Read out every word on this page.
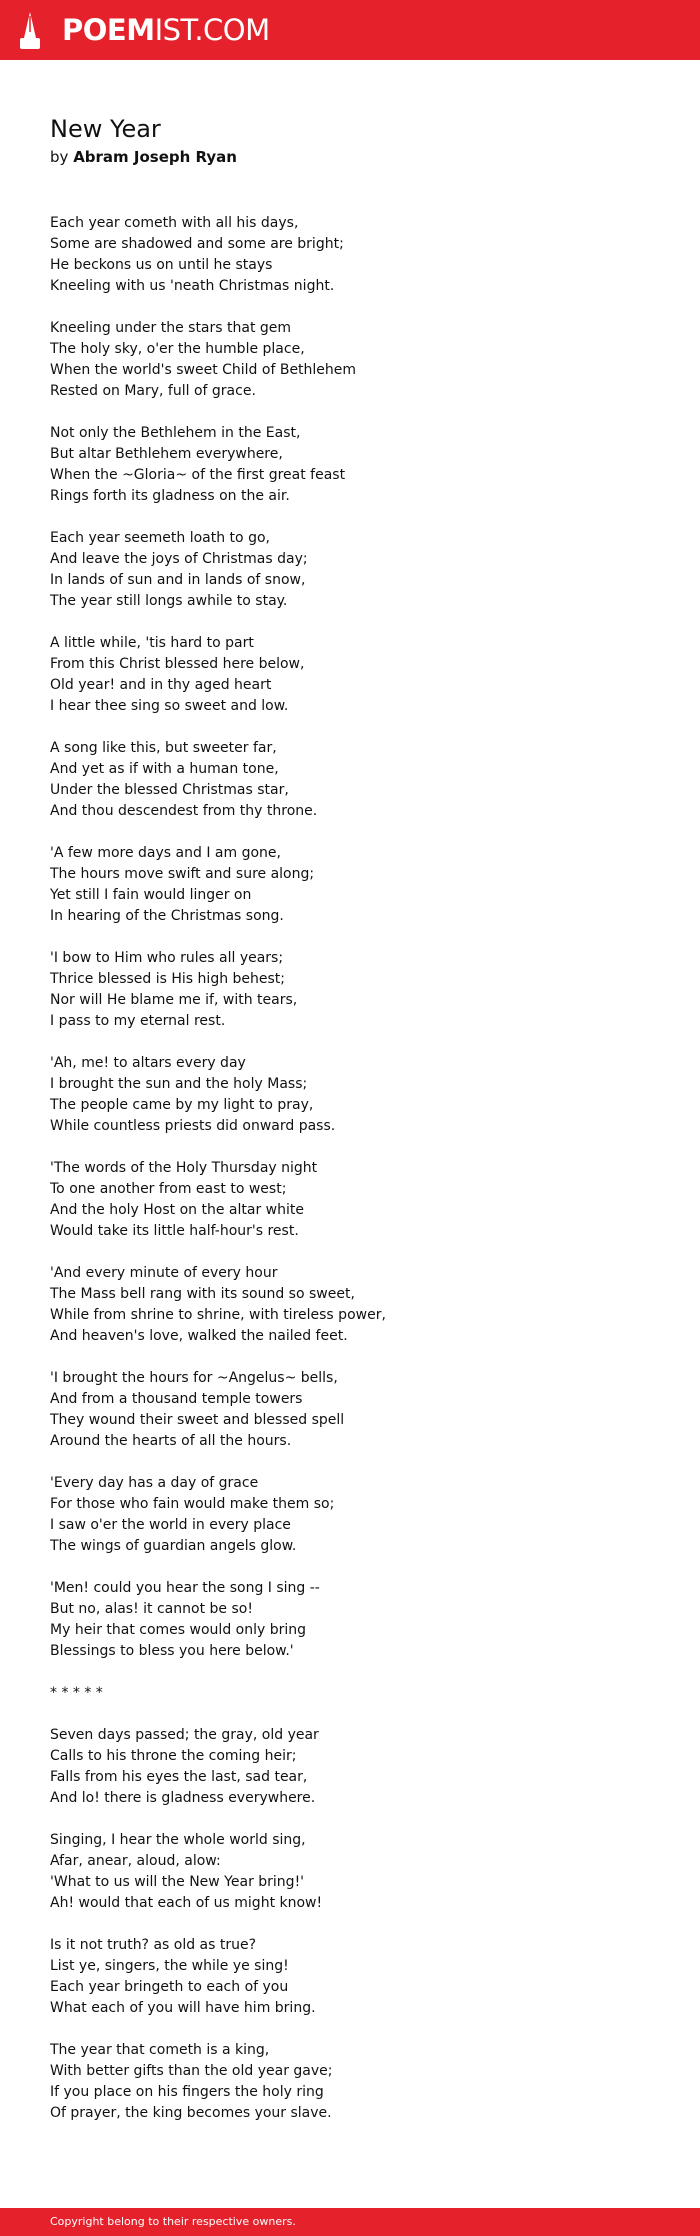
POEMIST.COM
New Year
by Abram Joseph Ryan
Each year cometh with all his days,
Some are shadowed and some are bright;
He beckons us on until he stays
Kneeling with us 'neath Christmas night.
Kneeling under the stars that gem
The holy sky, o'er the humble place,
When the world's sweet Child of Bethlehem
Rested on Mary, full of grace.
Not only the Bethlehem in the East,
But altar Bethlehem everywhere,
When the ~Gloria~ of the first great feast
Rings forth its gladness on the air.
Each year seemeth loath to go,
And leave the joys of Christmas day;
In lands of sun and in lands of snow,
The year still longs awhile to stay.
A little while, 'tis hard to part
From this Christ blessed here below,
Old year! and in thy aged heart
I hear thee sing so sweet and low.
A song like this, but sweeter far,
And yet as if with a human tone,
Under the blessed Christmas star,
And thou descendest from thy throne.
'A few more days and I am gone,
The hours move swift and sure along;
Yet still I fain would linger on
In hearing of the Christmas song.
'I bow to Him who rules all years;
Thrice blessed is His high behest;
Nor will He blame me if, with tears,
I pass to my eternal rest.
'Ah, me! to altars every day
I brought the sun and the holy Mass;
The people came by my light to pray,
While countless priests did onward pass.
'The words of the Holy Thursday night
To one another from east to west;
And the holy Host on the altar white
Would take its little half-hour's rest.
'And every minute of every hour
The Mass bell rang with its sound so sweet,
While from shrine to shrine, with tireless power,
And heaven's love, walked the nailed feet.
'I brought the hours for ~Angelus~ bells,
And from a thousand temple towers
They wound their sweet and blessed spell
Around the hearts of all the hours.
'Every day has a day of grace
For those who fain would make them so;
I saw o'er the world in every place
The wings of guardian angels glow.
'Men! could you hear the song I sing --
But no, alas! it cannot be so!
My heir that comes would only bring
Blessings to bless you here below.'
* * * * *
Seven days passed; the gray, old year
Calls to his throne the coming heir;
Falls from his eyes the last, sad tear,
And lo! there is gladness everywhere.
Singing, I hear the whole world sing,
Afar, anear, aloud, alow:
'What to us will the New Year bring!'
Ah! would that each of us might know!
Is it not truth? as old as true?
List ye, singers, the while ye sing!
Each year bringeth to each of you
What each of you will have him bring.
The year that cometh is a king,
With better gifts than the old year gave;
If you place on his fingers the holy ring
Of prayer, the king becomes your slave.
Copyright belong to their respective owners.
